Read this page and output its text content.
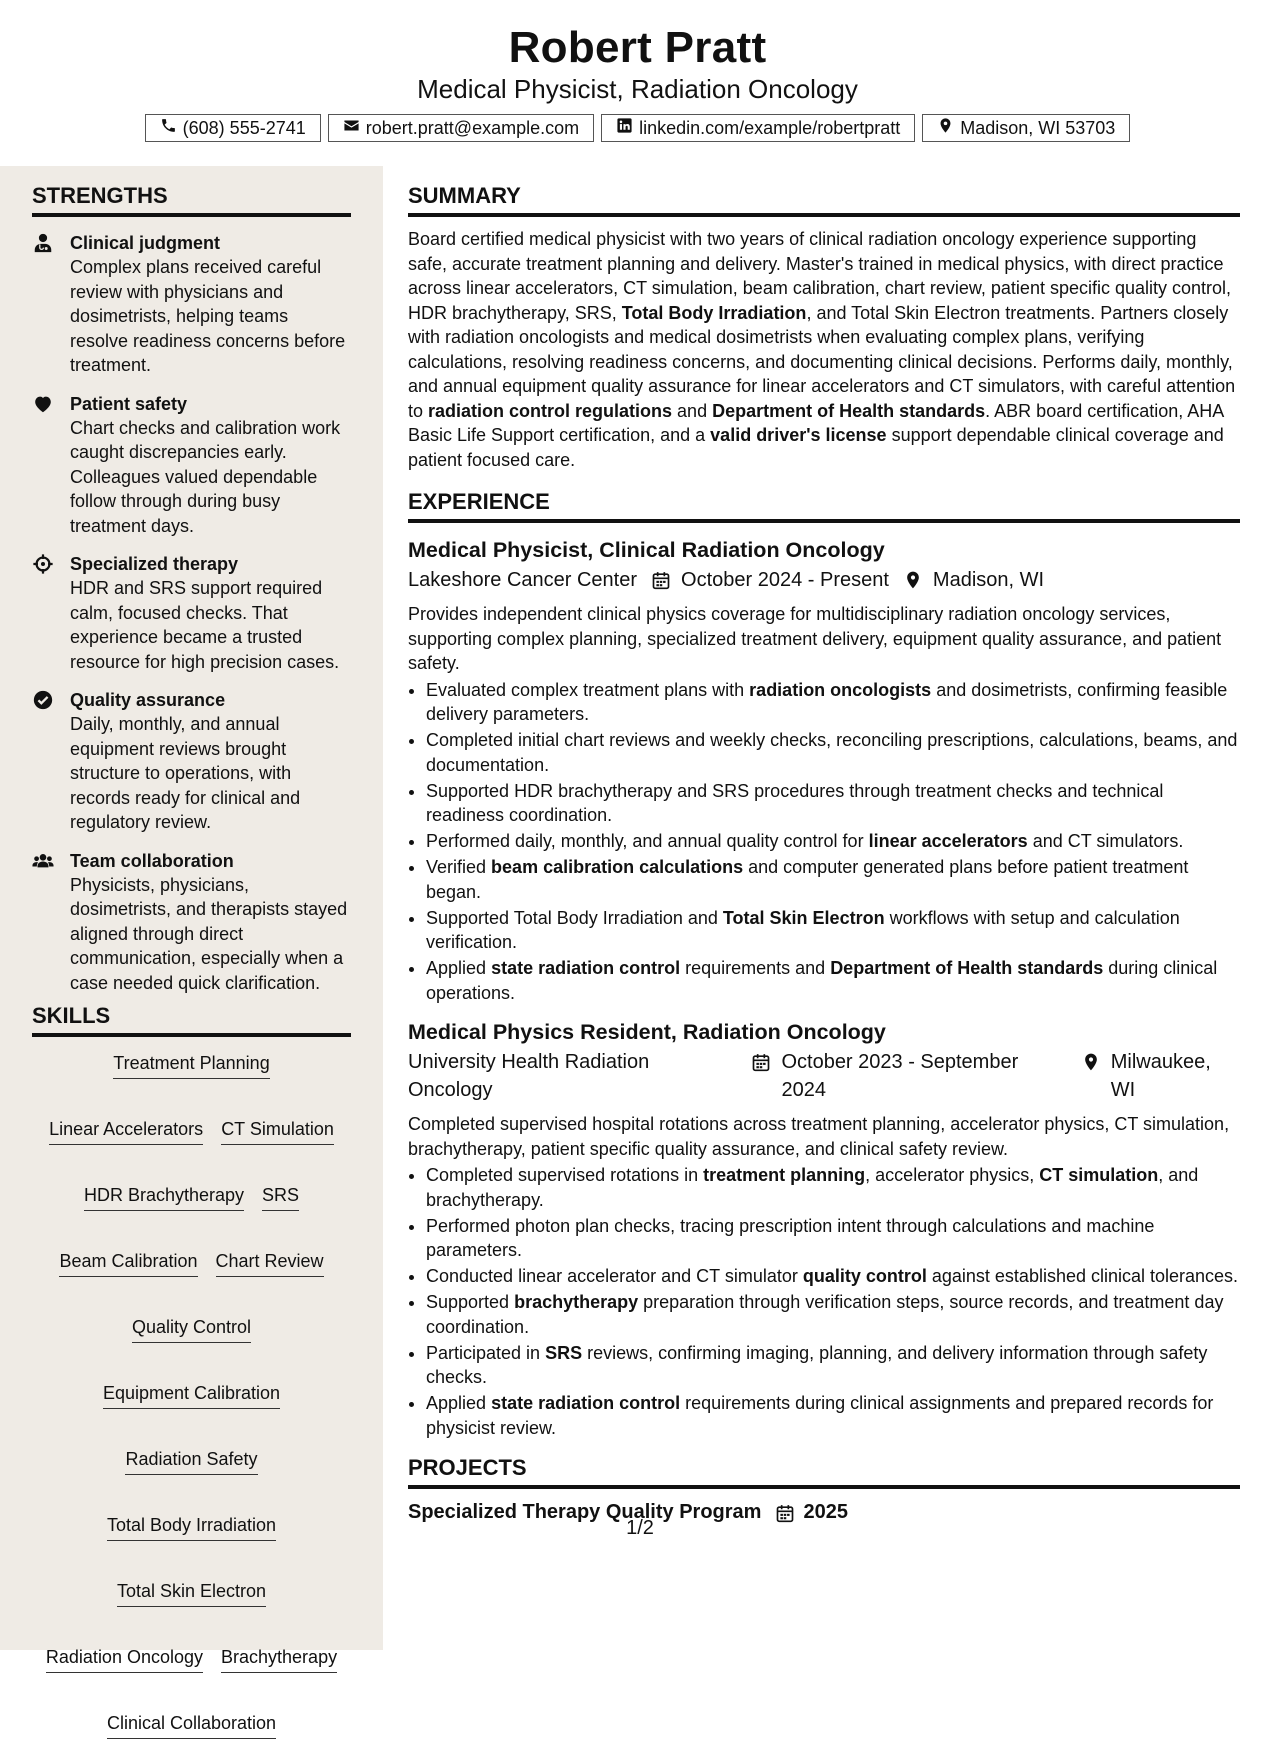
Robert Pratt
Medical Physicist, Radiation Oncology
(608) 555-2741	robert.pratt@example.com	linkedin.com/example/robertpratt	Madison, WI 53703
STRENGTHS
Clinical judgment
Complex plans received careful review with physicians and dosimetrists, helping teams resolve readiness concerns before treatment.
Patient safety
Chart checks and calibration work caught discrepancies early. Colleagues valued dependable follow through during busy treatment days.
Specialized therapy
HDR and SRS support required calm, focused checks. That experience became a trusted resource for high precision cases.
Quality assurance
Daily, monthly, and annual equipment reviews brought structure to operations, with records ready for clinical and regulatory review.
Team collaboration
Physicists, physicians, dosimetrists, and therapists stayed aligned through direct communication, especially when a case needed quick clarification.
SKILLS
Treatment Planning
Linear Accelerators CT Simulation
HDR Brachytherapy SRS
Beam Calibration Chart Review
Quality Control
Equipment Calibration
Radiation Safety
Total Body Irradiation
Total Skin Electron
Radiation Oncology Brachytherapy
Clinical Collaboration
SUMMARY
Board certified medical physicist with two years of clinical radiation oncology experience supporting safe, accurate treatment planning and delivery. Master's trained in medical physics, with direct practice across linear accelerators, CT simulation, beam calibration, chart review, patient specific quality control, HDR brachytherapy, SRS, Total Body Irradiation, and Total Skin Electron treatments. Partners closely with radiation oncologists and medical dosimetrists when evaluating complex plans, verifying calculations, resolving readiness concerns, and documenting clinical decisions. Performs daily, monthly, and annual equipment quality assurance for linear accelerators and CT simulators, with careful attention to radiation control regulations and Department of Health standards. ABR board certification, AHA Basic Life Support certification, and a valid driver's license support dependable clinical coverage and patient focused care.
EXPERIENCE
Medical Physicist, Clinical Radiation Oncology
Lakeshore Cancer Center October 2024 - Present Madison, WI
Provides independent clinical physics coverage for multidisciplinary radiation oncology services, supporting complex planning, specialized treatment delivery, equipment quality assurance, and patient safety.
• Evaluated complex treatment plans with radiation oncologists and dosimetrists, confirming feasible delivery parameters.
• Completed initial chart reviews and weekly checks, reconciling prescriptions, calculations, beams, and documentation.
• Supported HDR brachytherapy and SRS procedures through treatment checks and technical readiness coordination.
• Performed daily, monthly, and annual quality control for linear accelerators and CT simulators.
• Verified beam calibration calculations and computer generated plans before patient treatment began.
• Supported Total Body Irradiation and Total Skin Electron workflows with setup and calculation verification.
• Applied state radiation control requirements and Department of Health standards during clinical operations.
Medical Physics Resident, Radiation Oncology
University Health Radiation Oncology
October 2023 - September 2024
Milwaukee, WI
Completed supervised hospital rotations across treatment planning, accelerator physics, CT simulation, brachytherapy, patient specific quality assurance, and clinical safety review.
• Completed supervised rotations in treatment planning, accelerator physics, CT simulation, and brachytherapy.
• Performed photon plan checks, tracing prescription intent through calculations and machine parameters.
• Conducted linear accelerator and CT simulator quality control against established clinical tolerances.
• Supported brachytherapy preparation through verification steps, source records, and treatment day coordination.
• Participated in SRS reviews, confirming imaging, planning, and delivery information through safety checks.
• Applied state radiation control requirements during clinical assignments and prepared records for physicist review.
PROJECTS
Specialized Therapy Quality Program 2025
1/2
